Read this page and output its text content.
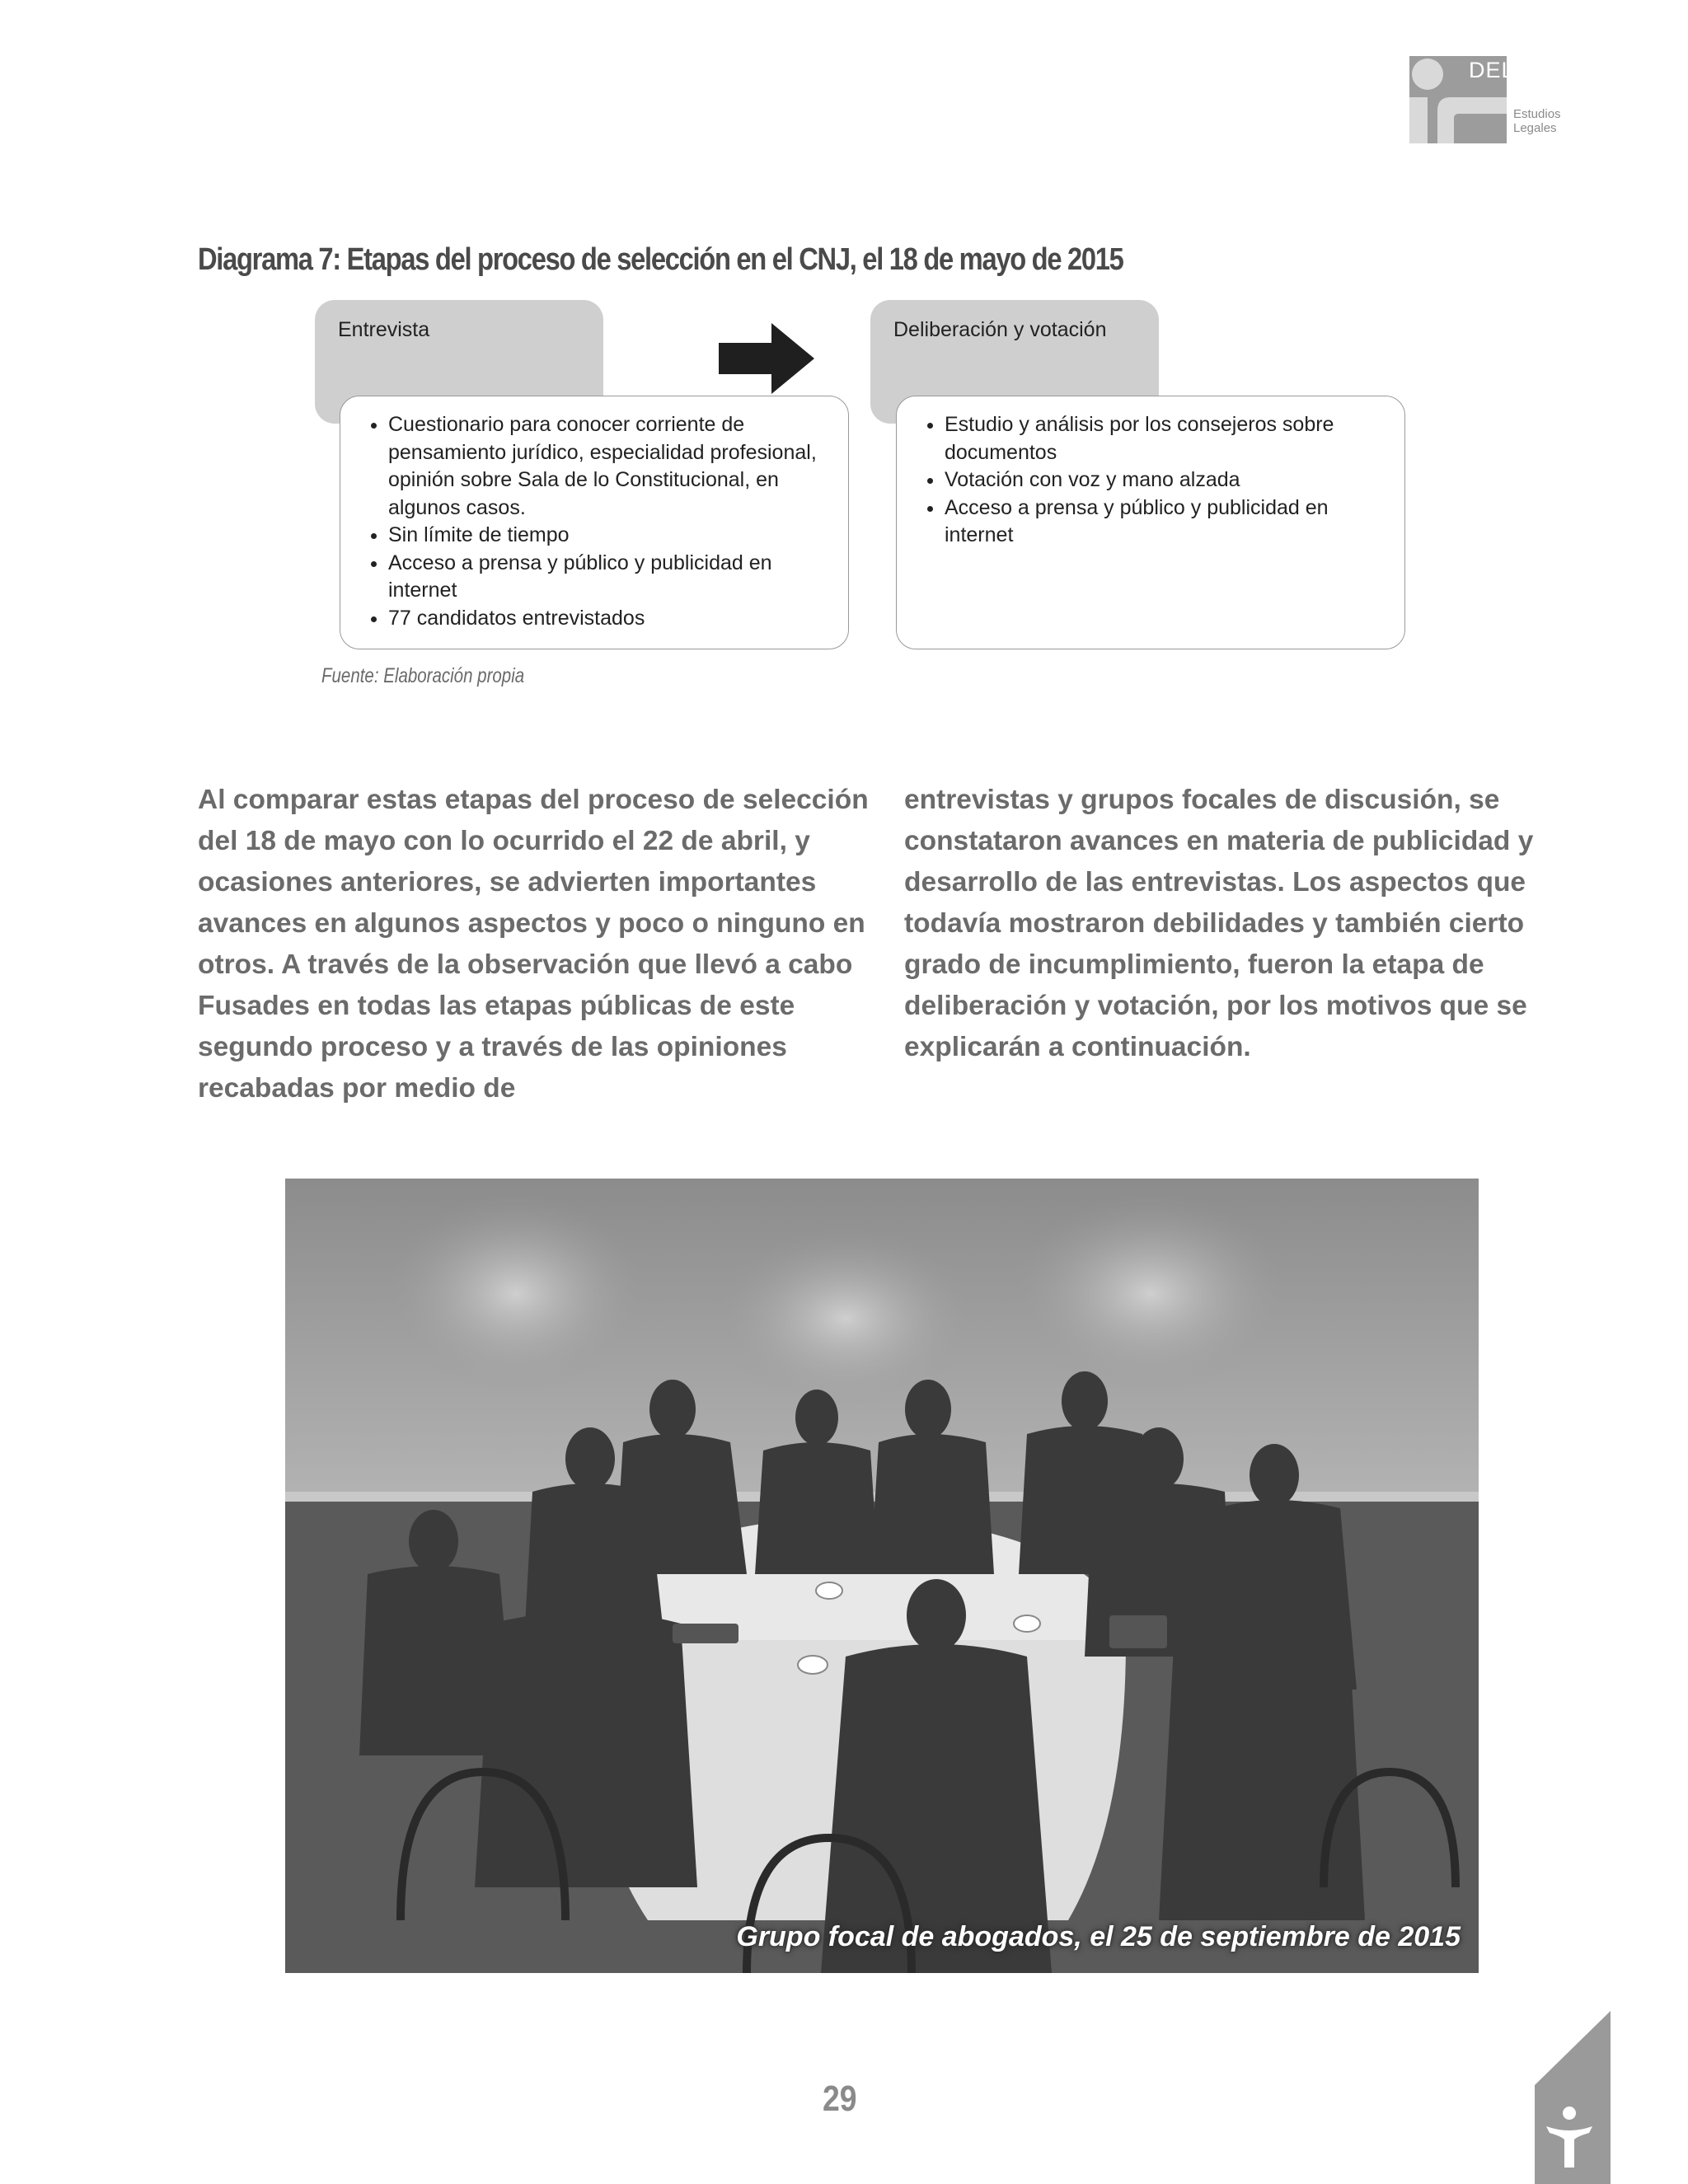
DEL
Estudios
Legales
Diagrama 7: Etapas del proceso de selección en el CNJ, el 18 de mayo de 2015
Entrevista
• Cuestionario para conocer corriente de pensamiento jurídico, especialidad profesional, opinión sobre Sala de lo Constitucional, en algunos casos.
• Sin límite de tiempo
• Acceso a prensa y público y publicidad en internet
• 77 candidatos entrevistados
Deliberación y votación
• Estudio y análisis por los consejeros sobre documentos
• Votación con voz y mano alzada
• Acceso a prensa y público y publicidad en internet
Fuente: Elaboración propia

Al comparar estas etapas del proceso de selección del 18 de mayo con lo ocurrido el 22 de abril, y ocasiones anteriores, se advierten importantes avances en algunos aspectos y poco o ninguno en otros. A través de la observación que llevó a cabo Fusades en todas las etapas públicas de este segundo proceso y a través de las opiniones recabadas por medio de

entrevistas y grupos focales de discusión, se constataron avances en materia de publicidad y desarrollo de las entrevistas. Los aspectos que todavía mostraron debilidades y también cierto grado de incumplimiento, fueron la etapa de deliberación y votación, por los motivos que se explicarán a continuación.

Grupo focal de abogados, el 25 de septiembre de 2015
29
